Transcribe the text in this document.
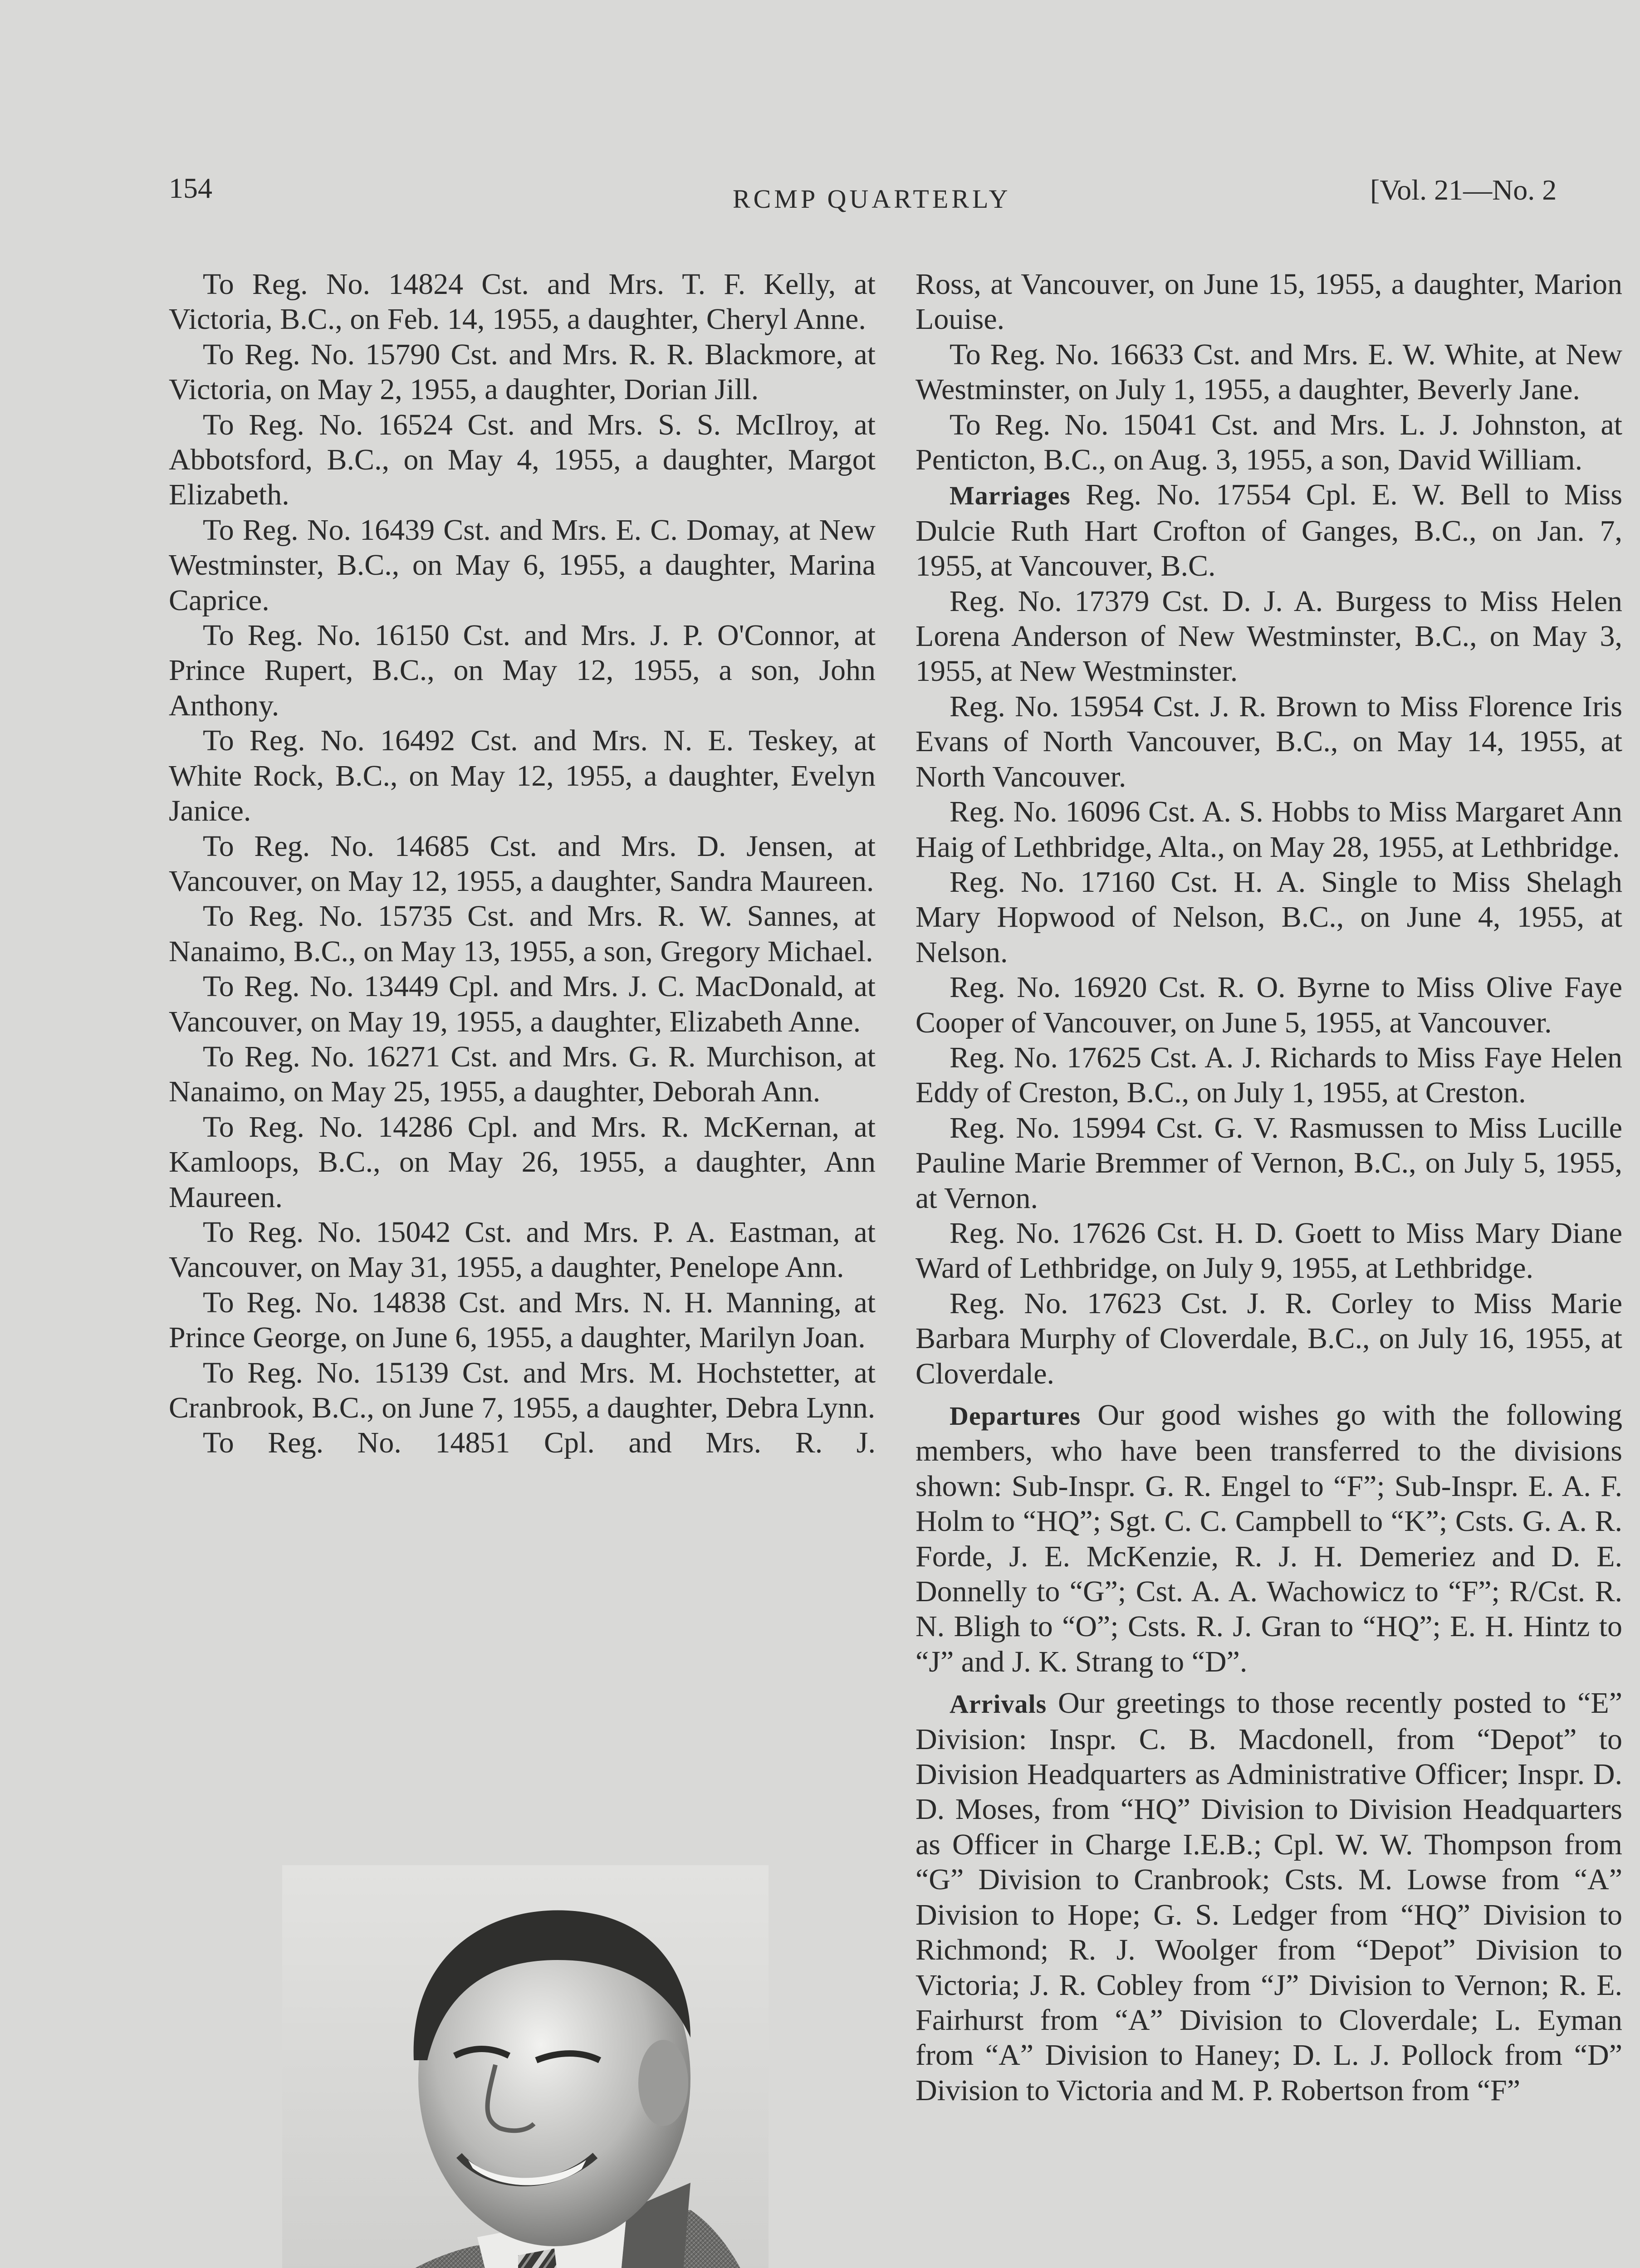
154	RCMP QUARTERLY	[Vol. 21—No. 2

To Reg. No. 14824 Cst. and Mrs. T. F. Kelly, at Victoria, B.C., on Feb. 14, 1955, a daughter, Cheryl Anne.

To Reg. No. 15790 Cst. and Mrs. R. R. Blackmore, at Victoria, on May 2, 1955, a daughter, Dorian Jill.

To Reg. No. 16524 Cst. and Mrs. S. S. McIlroy, at Abbotsford, B.C., on May 4, 1955, a daughter, Margot Elizabeth.

To Reg. No. 16439 Cst. and Mrs. E. C. Domay, at New Westminster, B.C., on May 6, 1955, a daughter, Marina Caprice.

To Reg. No. 16150 Cst. and Mrs. J. P. O'Connor, at Prince Rupert, B.C., on May 12, 1955, a son, John Anthony.

To Reg. No. 16492 Cst. and Mrs. N. E. Teskey, at White Rock, B.C., on May 12, 1955, a daughter, Evelyn Janice.

To Reg. No. 14685 Cst. and Mrs. D. Jensen, at Vancouver, on May 12, 1955, a daughter, Sandra Maureen.

To Reg. No. 15735 Cst. and Mrs. R. W. Sannes, at Nanaimo, B.C., on May 13, 1955, a son, Gregory Michael.

To Reg. No. 13449 Cpl. and Mrs. J. C. MacDonald, at Vancouver, on May 19, 1955, a daughter, Elizabeth Anne.

To Reg. No. 16271 Cst. and Mrs. G. R. Murchison, at Nanaimo, on May 25, 1955, a daughter, Deborah Ann.

To Reg. No. 14286 Cpl. and Mrs. R. McKernan, at Kamloops, B.C., on May 26, 1955, a daughter, Ann Maureen.

To Reg. No. 15042 Cst. and Mrs. P. A. Eastman, at Vancouver, on May 31, 1955, a daughter, Penelope Ann.

To Reg. No. 14838 Cst. and Mrs. N. H. Manning, at Prince George, on June 6, 1955, a daughter, Marilyn Joan.

To Reg. No. 15139 Cst. and Mrs. M. Hochstetter, at Cranbrook, B.C., on June 7, 1955, a daughter, Debra Lynn.

To Reg. No. 14851 Cpl. and Mrs. R. J.

Ross, at Vancouver, on June 15, 1955, a daughter, Marion Louise.

To Reg. No. 16633 Cst. and Mrs. E. W. White, at New Westminster, on July 1, 1955, a daughter, Beverly Jane.

To Reg. No. 15041 Cst. and Mrs. L. J. Johnston, at Penticton, B.C., on Aug. 3, 1955, a son, David William.

Marriages Reg. No. 17554 Cpl. E. W. Bell to Miss Dulcie Ruth Hart Crofton of Ganges, B.C., on Jan. 7, 1955, at Vancouver, B.C.

Reg. No. 17379 Cst. D. J. A. Burgess to Miss Helen Lorena Anderson of New Westminster, B.C., on May 3, 1955, at New Westminster.

Reg. No. 15954 Cst. J. R. Brown to Miss Florence Iris Evans of North Vancouver, B.C., on May 14, 1955, at North Vancouver.

Reg. No. 16096 Cst. A. S. Hobbs to Miss Margaret Ann Haig of Lethbridge, Alta., on May 28, 1955, at Lethbridge.

Reg. No. 17160 Cst. H. A. Single to Miss Shelagh Mary Hopwood of Nelson, B.C., on June 4, 1955, at Nelson.

Reg. No. 16920 Cst. R. O. Byrne to Miss Olive Faye Cooper of Vancouver, on June 5, 1955, at Vancouver.

Reg. No. 17625 Cst. A. J. Richards to Miss Faye Helen Eddy of Creston, B.C., on July 1, 1955, at Creston.

Reg. No. 15994 Cst. G. V. Rasmussen to Miss Lucille Pauline Marie Bremmer of Vernon, B.C., on July 5, 1955, at Vernon.

Reg. No. 17626 Cst. H. D. Goett to Miss Mary Diane Ward of Lethbridge, on July 9, 1955, at Lethbridge.

Reg. No. 17623 Cst. J. R. Corley to Miss Marie Barbara Murphy of Cloverdale, B.C., on July 16, 1955, at Cloverdale.

Departures Our good wishes go with the following members, who have been transferred to the divisions shown: Sub-Inspr. G. R. Engel to “F”; Sub-Inspr. E. A. F. Holm to “HQ”; Sgt. C. C. Campbell to “K”; Csts. G. A. R. Forde, J. E. McKenzie, R. J. H. Demeriez and D. E. Donnelly to “G”; Cst. A. A. Wachowicz to “F”; R/Cst. R. N. Bligh to “O”; Csts. R. J. Gran to “HQ”; E. H. Hintz to “J” and J. K. Strang to “D”.

Arrivals Our greetings to those recently posted to “E” Division: Inspr. C. B. Macdonell, from “Depot” to Division Headquarters as Administrative Officer; Inspr. D. D. Moses, from “HQ” Division to Division Headquarters as Officer in Charge I.E.B.; Cpl. W. W. Thompson from “G” Division to Cranbrook; Csts. M. Lowse from “A” Division to Hope; G. S. Ledger from “HQ” Division to Richmond; R. J. Woolger from “Depot” Division to Victoria; J. R. Cobley from “J” Division to Vernon; R. E. Fairhurst from “A” Division to Cloverdale; L. Eyman from “A” Division to Haney; D. L. J. Pollock from “D” Division to Victoria and M. P. Robertson from “F”
